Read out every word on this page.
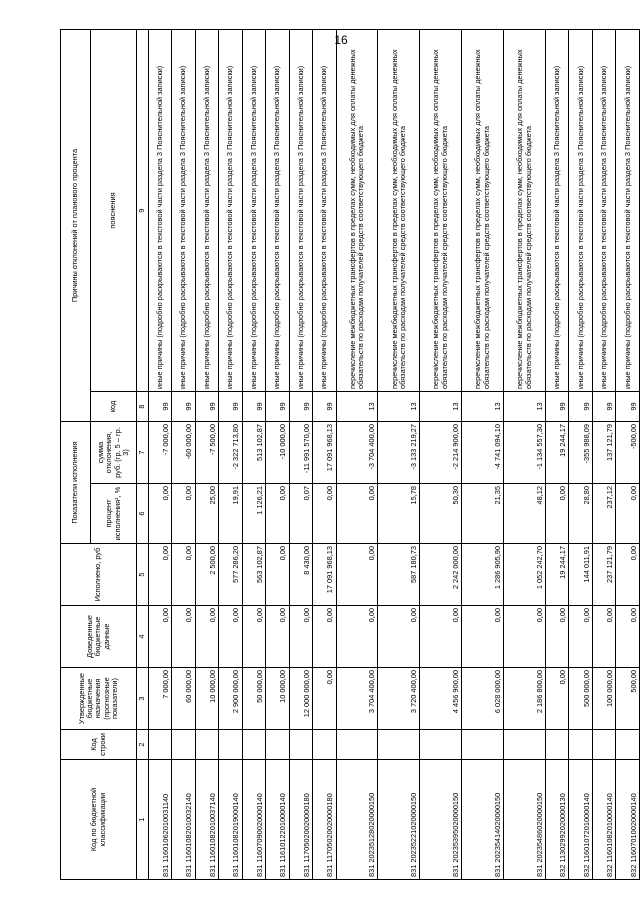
16
Код по бюджетной классификации	Код строки	Утвержденные бюджетные назначения (прогнозные показатели)	Доведенные бюджетные данные	Исполнено, руб	Показатели исполнения		Причины отклонений от планового процента	
					процент исполнения¹, %	сумма отклонения, руб. (гр. 5 – гр. 3)	код	пояснения
1	2	3	4	5	6	7	8	9
831 11601062010031140		7 000,00	0,00	0,00	0,00	-7 000,00	99	иные причины (подробно раскрываются в текстовой части раздела 3 Пояснительной записки)
831 11601082010032140		60 000,00	0,00	0,00	0,00	-60 000,00	99	иные причины (подробно раскрываются в текстовой части раздела 3 Пояснительной записки)
831 11601082010037140		10 000,00	0,00	2 500,00	25,00	-7 500,00	99	иные причины (подробно раскрываются в текстовой части раздела 3 Пояснительной записки)
831 11601082019000140		2 900 000,00	0,00	577 286,20	19,91	-2 322 713,80	99	иные причины (подробно раскрываются в текстовой части раздела 3 Пояснительной записки)
831 11607090020000140		50 000,00	0,00	563 102,87	1 126,21	513 102,87	99	иные причины (подробно раскрываются в текстовой части раздела 3 Пояснительной записки)
831 11610122010000140		10 000,00	0,00	0,00	0,00	-10 000,00	99	иные причины (подробно раскрываются в текстовой части раздела 3 Пояснительной записки)
831 11705020020000180		12 000 000,00	0,00	8 430,00	0,07	-11 991 570,00	99	иные причины (подробно раскрываются в текстовой части раздела 3 Пояснительной записки)
831 11705020020000180		0,00	0,00	17 091 968,13	0,00	17 091 968,13	99	иные причины (подробно раскрываются в текстовой части раздела 3 Пояснительной записки)
831 20235128020000150		3 704 400,00	0,00	0,00	0,00	-3 704 400,00	13	перечисление межбюджетных трансфертов в пределах сумм, необходимых для оплаты денежных обязательств по расходам получателей средств соответствующего бюджета
831 20235221020000150		3 720 400,00	0,00	587 180,73	15,78	-3 133 219,27	13	перечисление межбюджетных трансфертов в пределах сумм, необходимых для оплаты денежных обязательств по расходам получателей средств соответствующего бюджета
831 20235395020000150		4 456 900,00	0,00	2 242 000,00	50,30	-2 214 900,00	13	перечисление межбюджетных трансфертов в пределах сумм, необходимых для оплаты денежных обязательств по расходам получателей средств соответствующего бюджета
831 20235414020000150		6 028 000,00	0,00	1 286 905,90	21,35	-4 741 094,10	13	перечисление межбюджетных трансфертов в пределах сумм, необходимых для оплаты денежных обязательств по расходам получателей средств соответствующего бюджета
831 20235486020000150		2 186 800,00	0,00	1 052 242,70	48,12	-1 134 557,30	13	перечисление межбюджетных трансфертов в пределах сумм, необходимых для оплаты денежных обязательств по расходам получателей средств соответствующего бюджета
832 11302992020000130		0,00	0,00	19 244,17	0,00	19 244,17	99	иные причины (подробно раскрываются в текстовой части раздела 3 Пояснительной записки)
832 11601072010000140		500 000,00	0,00	144 011,91	28,80	-355 988,09	99	иные причины (подробно раскрываются в текстовой части раздела 3 Пояснительной записки)
832 11601082010000140		100 000,00	0,00	237 121,79	237,12	137 121,79	99	иные причины (подробно раскрываются в текстовой части раздела 3 Пояснительной записки)
832 11607010020000140		500,00	0,00	0,00	0,00	-500,00	99	иные причины (подробно раскрываются в текстовой части раздела 3 Пояснительной записки)
